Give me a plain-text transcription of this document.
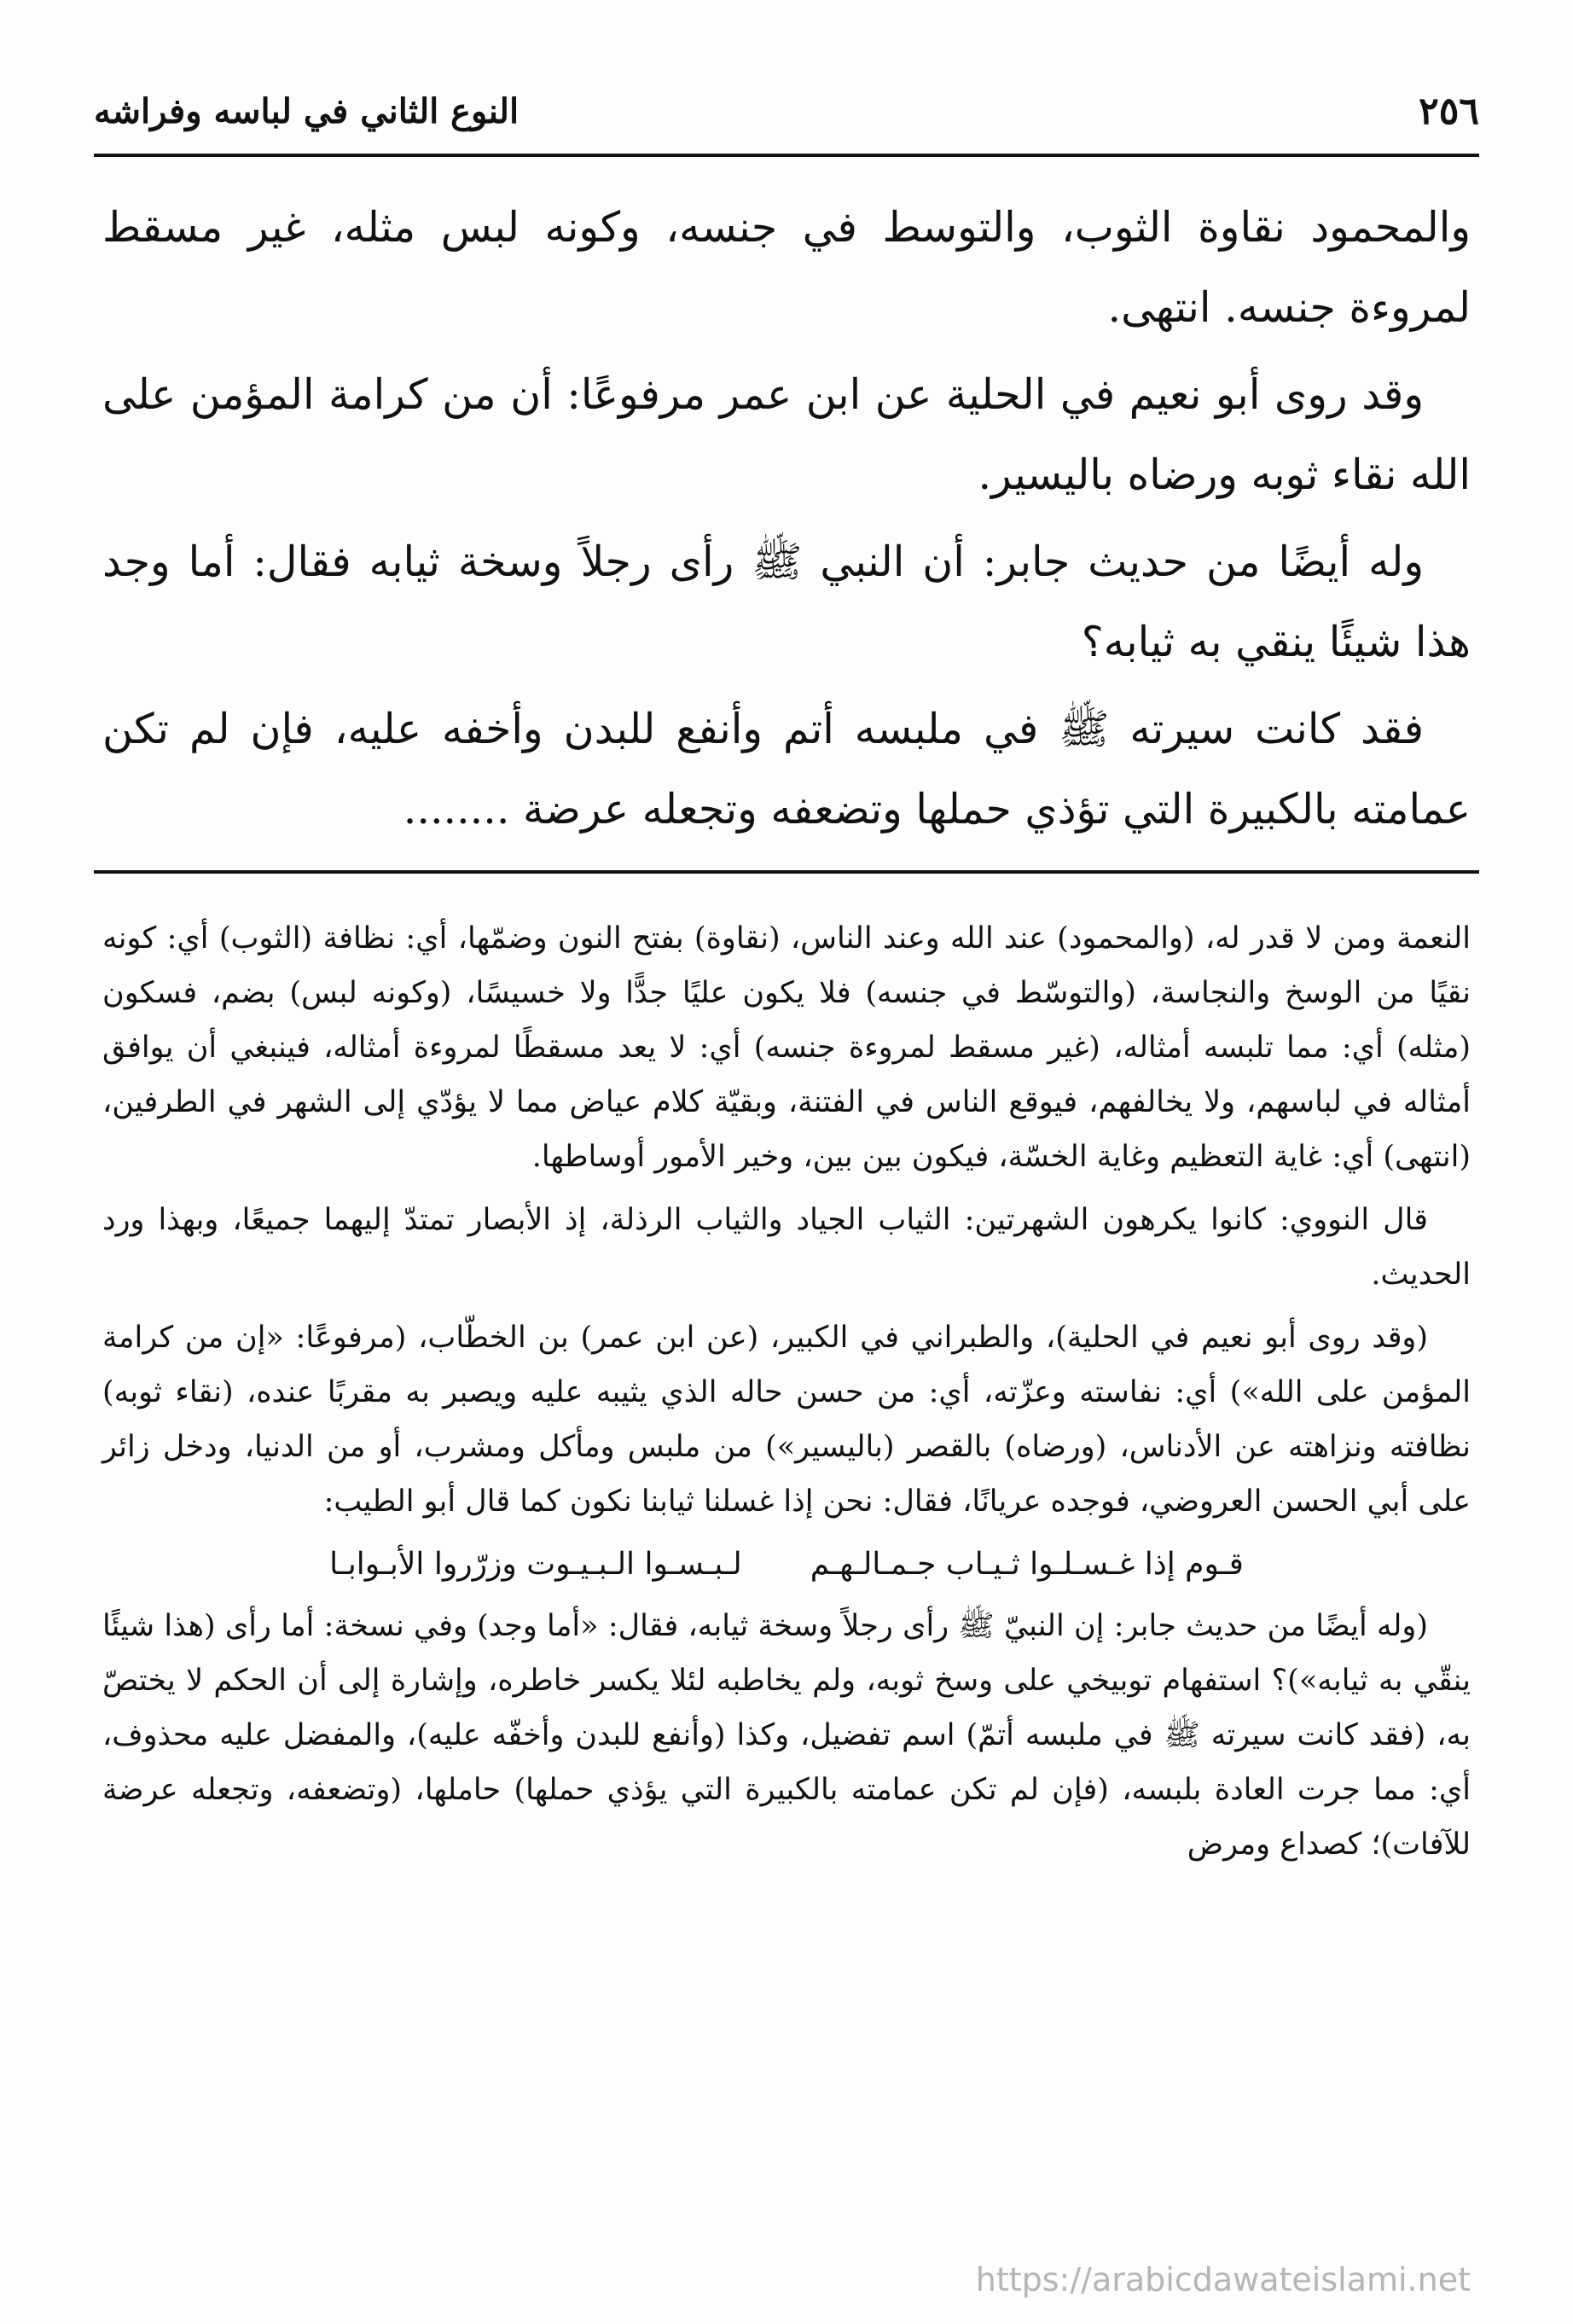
٢٥٦
النوع الثاني في لباسه وفراشه

والمحمود نقاوة الثوب، والتوسط في جنسه، وكونه لبس مثله، غير مسقط لمروءة جنسه. انتهى.

وقد روى أبو نعيم في الحلية عن ابن عمر مرفوعًا: أن من كرامة المؤمن على الله نقاء ثوبه ورضاه باليسير.

وله أيضًا من حديث جابر: أن النبي ﷺ رأى رجلاً وسخة ثيابه فقال: أما وجد هذا شيئًا ينقي به ثيابه؟

فقد كانت سيرته ﷺ في ملبسه أتم وأنفع للبدن وأخفه عليه، فإن لم تكن عمامته بالكبيرة التي تؤذي حملها وتضعفه وتجعله عرضة ........

النعمة ومن لا قدر له، (والمحمود) عند الله وعند الناس، (نقاوة) بفتح النون وضمّها، أي: نظافة (الثوب) أي: كونه نقيًا من الوسخ والنجاسة، (والتوسّط في جنسه) فلا يكون عليًا جدًّا ولا خسيسًا، (وكونه لبس) بضم، فسكون (مثله) أي: مما تلبسه أمثاله، (غير مسقط لمروءة جنسه) أي: لا يعد مسقطًا لمروءة أمثاله، فينبغي أن يوافق أمثاله في لباسهم، ولا يخالفهم، فيوقع الناس في الفتنة، وبقيّة كلام عياض مما لا يؤدّي إلى الشهر في الطرفين، (انتهى) أي: غاية التعظيم وغاية الخسّة، فيكون بين بين، وخير الأمور أوساطها.

قال النووي: كانوا يكرهون الشهرتين: الثياب الجياد والثياب الرذلة، إذ الأبصار تمتدّ إليهما جميعًا، وبهذا ورد الحديث.

(وقد روى أبو نعيم في الحلية)، والطبراني في الكبير، (عن ابن عمر) بن الخطّاب، (مرفوعًا: «إن من كرامة المؤمن على الله») أي: نفاسته وعزّته، أي: من حسن حاله الذي يثيبه عليه ويصبر به مقربًا عنده، (نقاء ثوبه) نظافته ونزاهته عن الأدناس، (ورضاه) بالقصر (باليسير») من ملبس ومأكل ومشرب، أو من الدنيا، ودخل زائر على أبي الحسن العروضي، فوجده عريانًا، فقال: نحن إذا غسلنا ثيابنا نكون كما قال أبو الطيب:

قـوم إذا غـسـلـوا ثـيـاب جـمـالـهـم
لـبـسـوا الـبـيـوت وزرّروا الأبـوابـا

(وله أيضًا من حديث جابر: إن النبيّ ﷺ رأى رجلاً وسخة ثيابه، فقال: «أما وجد) وفي نسخة: أما رأى (هذا شيئًا ينقّي به ثيابه»)؟ استفهام توبيخي على وسخ ثوبه، ولم يخاطبه لئلا يكسر خاطره، وإشارة إلى أن الحكم لا يختصّ به، (فقد كانت سيرته ﷺ في ملبسه أتمّ) اسم تفضيل، وكذا (وأنفع للبدن وأخفّه عليه)، والمفضل عليه محذوف، أي: مما جرت العادة بلبسه، (فإن لم تكن عمامته بالكبيرة التي يؤذي حملها) حاملها، (وتضعفه، وتجعله عرضة للآفات)؛ كصداع ومرض

https://arabicdawateislami.net
